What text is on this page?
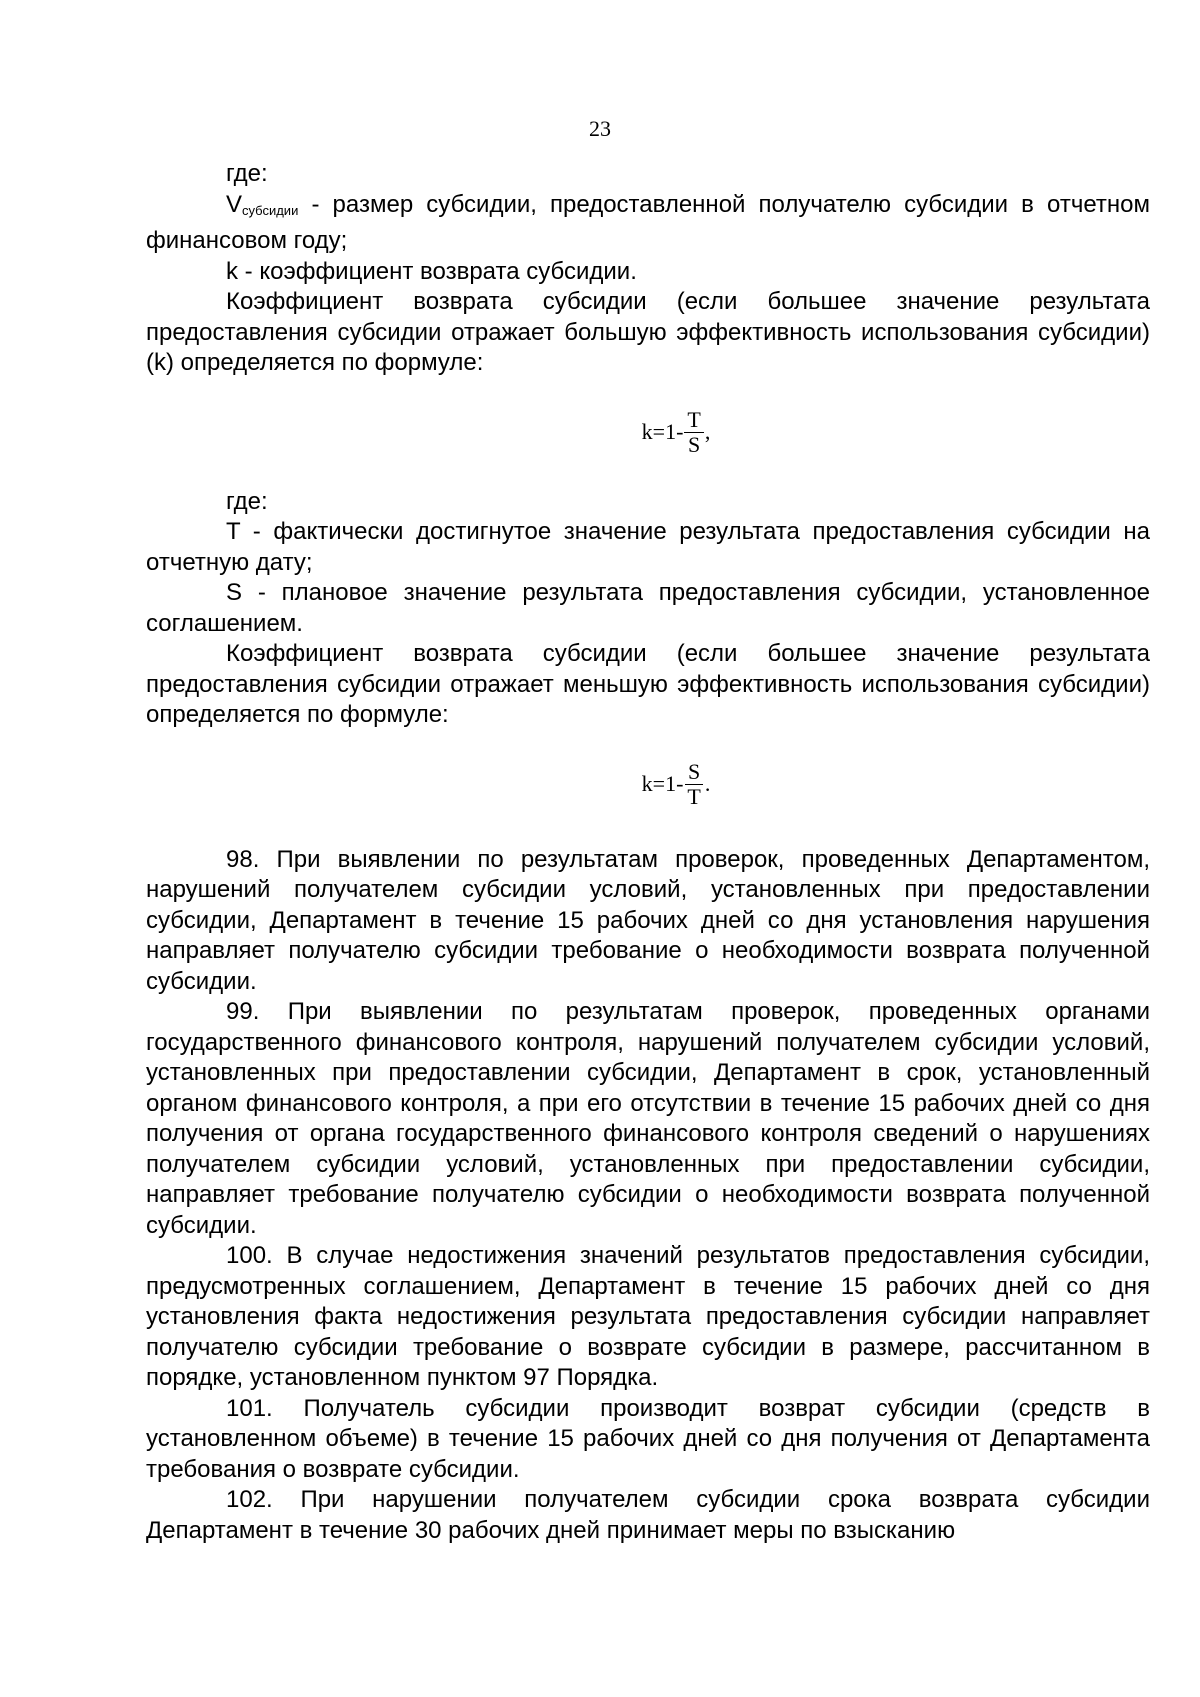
23

где:

$V_{субсидии}$ - размер субсидии, предоставленной получателю субсидии в отчетном финансовом году;

k - коэффициент возврата субсидии.

Коэффициент возврата субсидии (если большее значение результата предоставления субсидии отражает большую эффективность использования субсидии) (k) определяется по формуле:

$k=1- \frac{T}{S}$ ,

где:

T - фактически достигнутое значение результата предоставления субсидии на отчетную дату;

S - плановое значение результата предоставления субсидии, установленное соглашением.

Коэффициент возврата субсидии (если большее значение результата предоставления субсидии отражает меньшую эффективность использования субсидии) определяется по формуле:

$k=1- \frac{S}{T}$ .

98. При выявлении по результатам проверок, проведенных Департаментом, нарушений получателем субсидии условий, установленных при предоставлении субсидии, Департамент в течение 15 рабочих дней со дня установления нарушения направляет получателю субсидии требование о необходимости возврата полученной субсидии.

99. При выявлении по результатам проверок, проведенных органами государственного финансового контроля, нарушений получателем субсидии условий, установленных при предоставлении субсидии, Департамент в срок, установленный органом финансового контроля, а при его отсутствии в течение 15 рабочих дней со дня получения от органа государственного финансового контроля сведений о нарушениях получателем субсидии условий, установленных при предоставлении субсидии, направляет требование получателю субсидии о необходимости возврата полученной субсидии.

100. В случае недостижения значений результатов предоставления субсидии, предусмотренных соглашением, Департамент в течение 15 рабочих дней со дня установления факта недостижения результата предоставления субсидии направляет получателю субсидии требование о возврате субсидии в размере, рассчитанном в порядке, установленном пунктом 97 Порядка.

101. Получатель субсидии производит возврат субсидии (средств в установленном объеме) в течение 15 рабочих дней со дня получения от Департамента требования о возврате субсидии.

102. При нарушении получателем субсидии срока возврата субсидии Департамент в течение 30 рабочих дней принимает меры по взысканию
